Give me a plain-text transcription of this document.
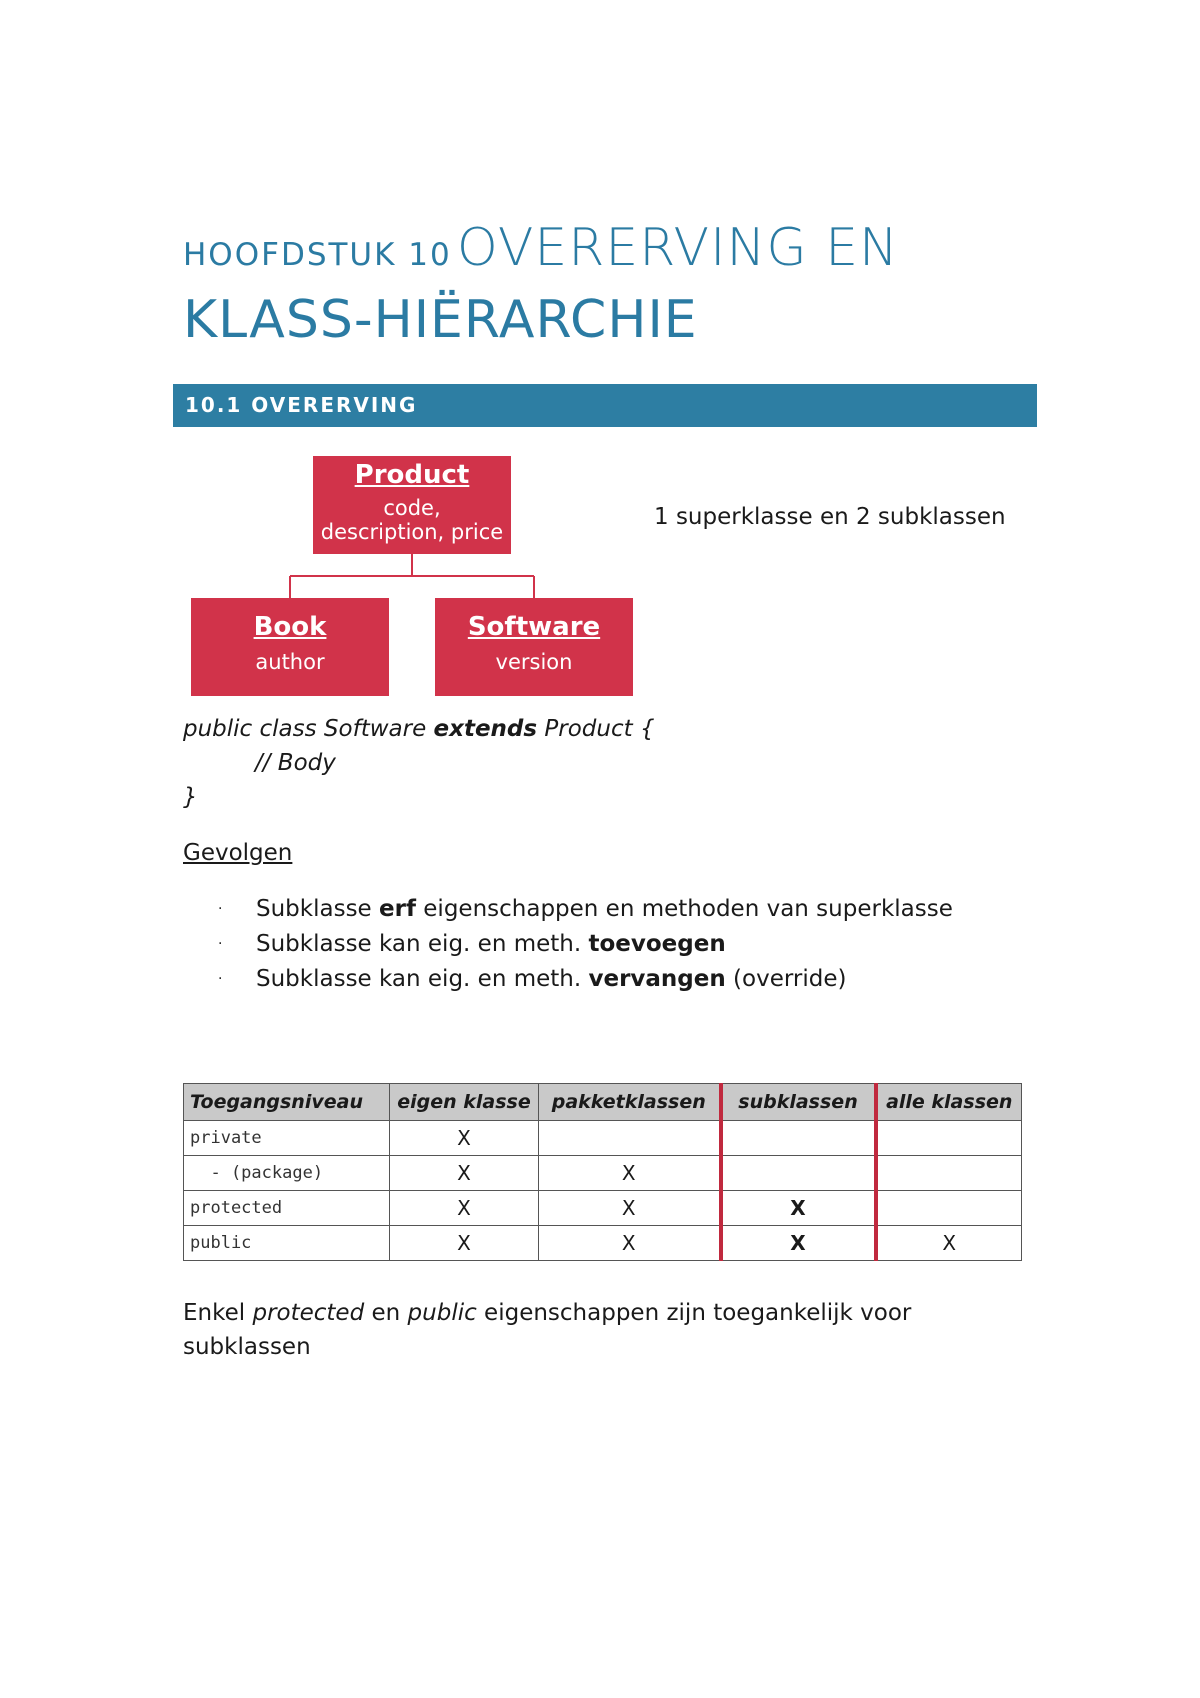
HOOFDSTUK 10 OVERERVING EN
KLASS-HIËRARCHIE
10.1 OVERERVING
Product
code,
description, price
Book
author
Software
version
1 superklasse en 2 subklassen
public class Software extends Product {
// Body
}
Gevolgen
· Subklasse erf eigenschappen en methoden van superklasse
· Subklasse kan eig. en meth. toevoegen
· Subklasse kan eig. en meth. vervangen (override)
Toegangsniveau	eigen klasse	pakketklassen	subklassen	alle klassen
private	X			
- (package)	X	X		
protected	X	X	X	
public	X	X	X	X
Enkel protected en public eigenschappen zijn toegankelijk voor subklassen
